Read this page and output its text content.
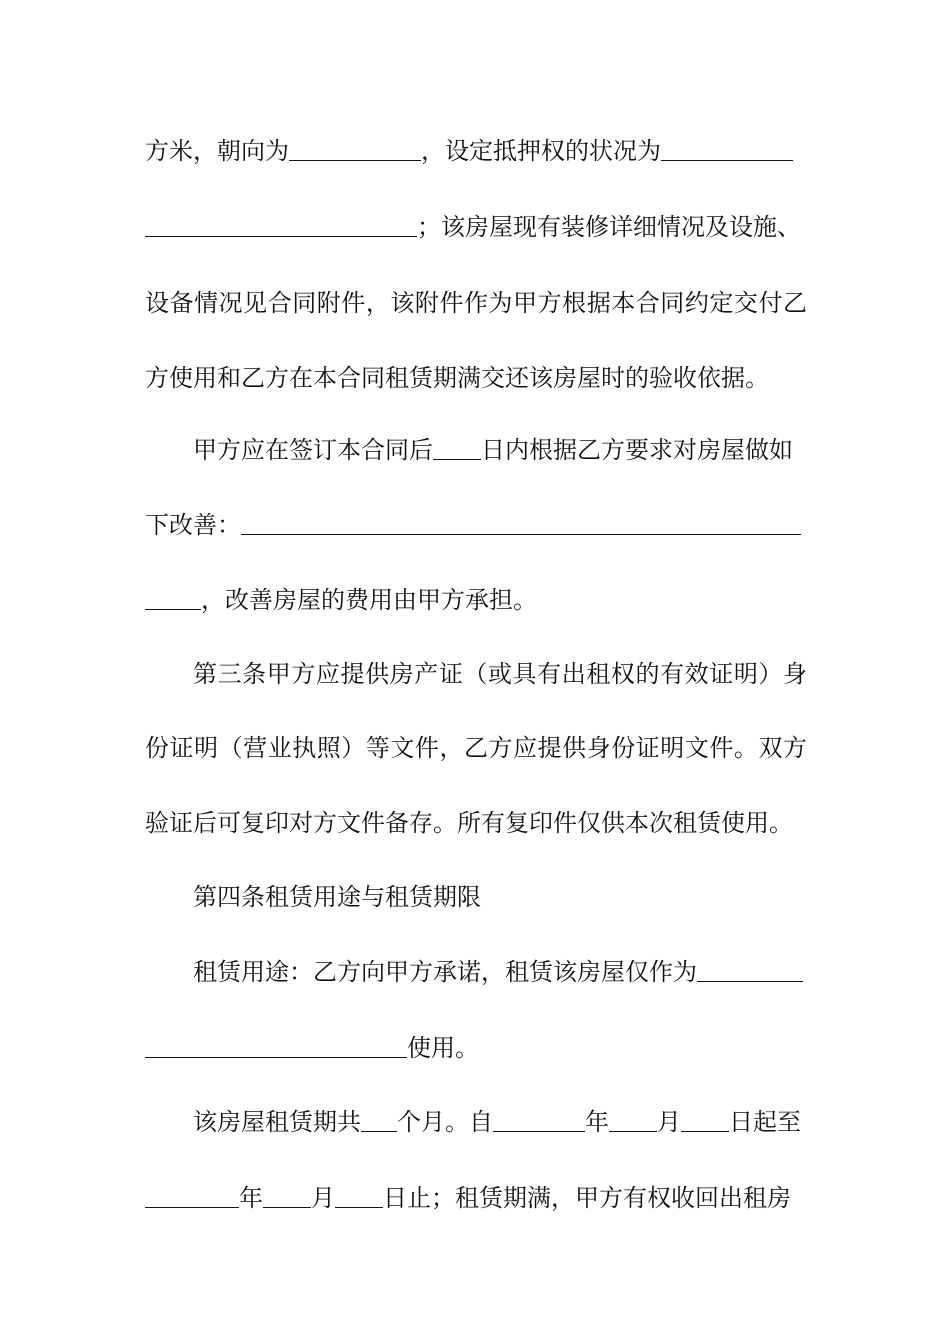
方米，朝向为	，设定抵押权的状况为
；该房屋现有装修详细情况及设施、
设备情况见合同附件，该附件作为甲方根据本合同约定交付乙
方使用和乙方在本合同租赁期满交还该房屋时的验收依据。
甲方应在签订本合同后 日内根据乙方要求对房屋做如
下改善：
，改善房屋的费用由甲方承担。
第三条甲方应提供房产证（或具有出租权的有效证明）身
份证明（营业执照）等文件，乙方应提供身份证明文件。双方
验证后可复印对方文件备存。所有复印件仅供本次租赁使用。
第四条租赁用途与租赁期限
租赁用途：乙方向甲方承诺，租赁该房屋仅作为
使用。
该房屋租赁期共 个月。自	年 月 日起至
年 月 日止；租赁期满，甲方有权收回出租房
